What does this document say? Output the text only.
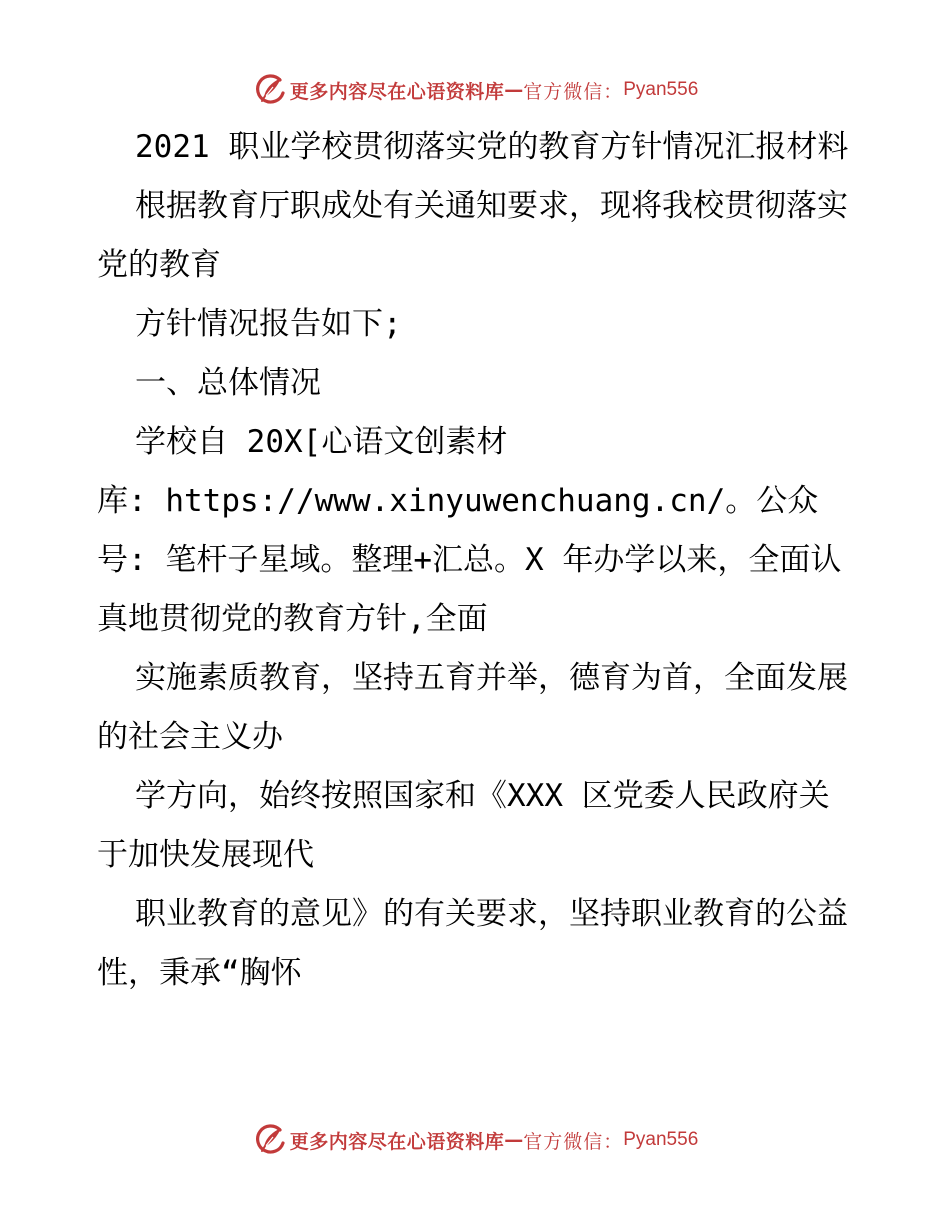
更多内容尽在心语资料库 — 官方微信： Pyan556

2021 职业学校贯彻落实党的教育方针情况汇报材料

根据教育厅职成处有关通知要求，现将我校贯彻落实党的教育

方针情况报告如下;

一、总体情况

学校自 20X[心语文创素材

库: https://www.xinyuwenchuang.cn/。公众号: 笔杆子星域。整理+汇总。X 年办学以来，全面认真地贯彻党的教育方针,全面

实施素质教育，坚持五育并举，德育为首，全面发展的社会主义办

学方向，始终按照国家和《XXX 区党委人民政府关于加快发展现代

职业教育的意见》的有关要求，坚持职业教育的公益性，秉承“胸怀

更多内容尽在心语资料库 — 官方微信： Pyan556
